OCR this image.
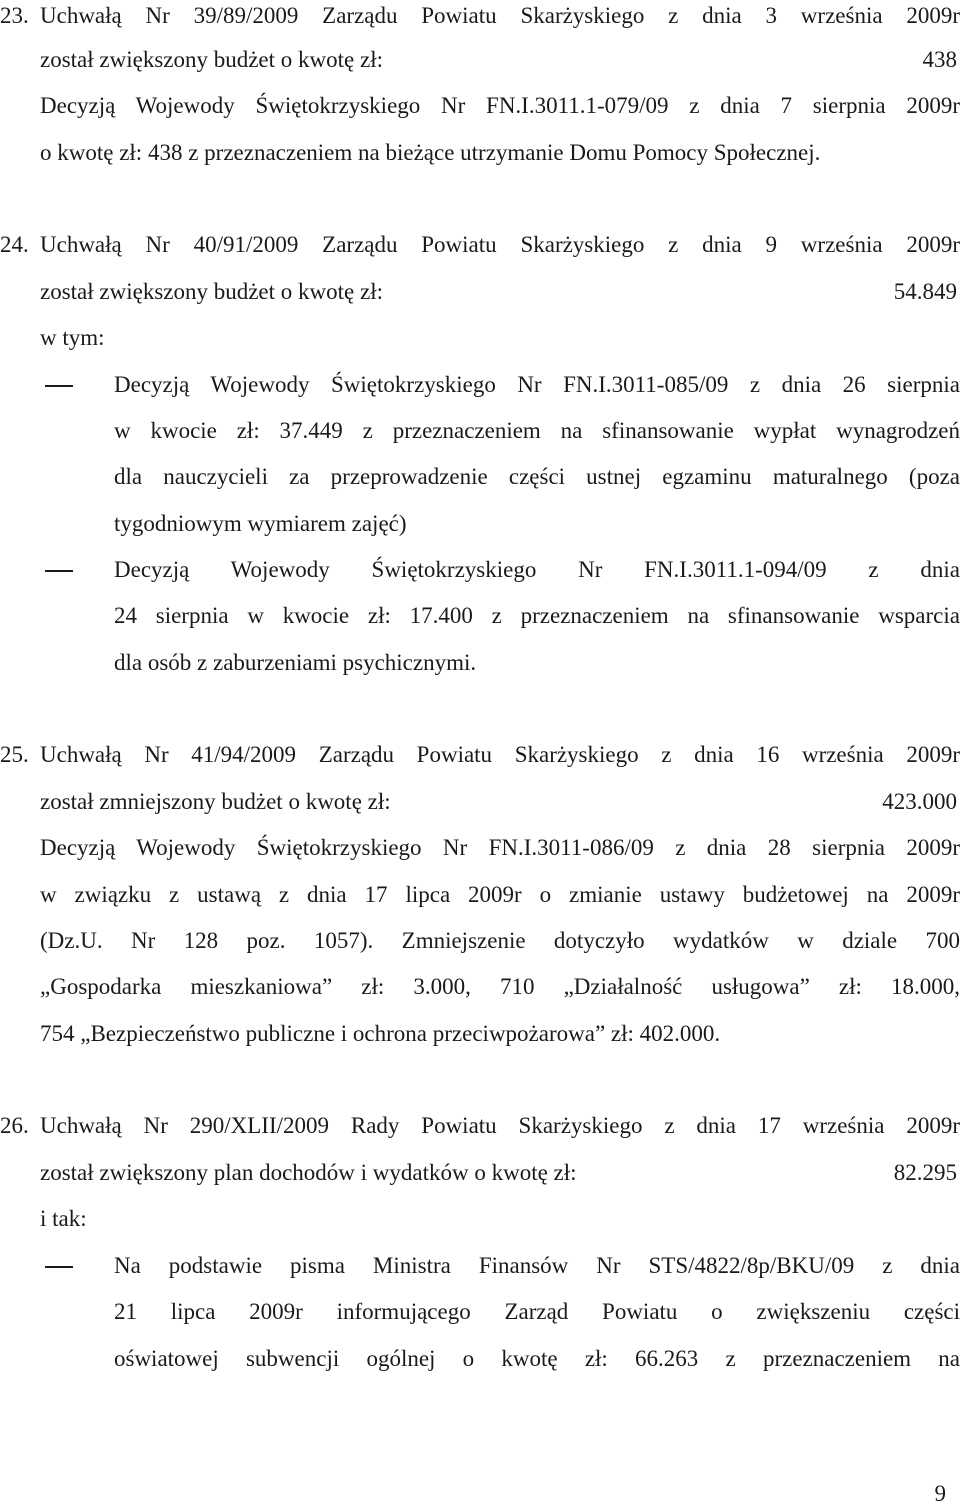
23. Uchwałą Nr 39/89/2009 Zarządu Powiatu Skarżyskiego z dnia 3 września 2009r
został zwiększony budżet o kwotę zł:	438
Decyzją Wojewody Świętokrzyskiego Nr FN.I.3011.1-079/09 z dnia 7 sierpnia 2009r
o kwotę zł: 438 z przeznaczeniem na bieżące utrzymanie Domu Pomocy Społecznej.
24. Uchwałą Nr 40/91/2009 Zarządu Powiatu Skarżyskiego z dnia 9 września 2009r
został zwiększony budżet o kwotę zł:	54.849
w tym:
Decyzją Wojewody Świętokrzyskiego Nr FN.I.3011-085/09 z dnia 26 sierpnia
w kwocie zł: 37.449 z przeznaczeniem na sfinansowanie wypłat wynagrodzeń
dla nauczycieli za przeprowadzenie części ustnej egzaminu maturalnego (poza
tygodniowym wymiarem zajęć)
Decyzją Wojewody Świętokrzyskiego Nr FN.I.3011.1-094/09 z dnia
24 sierpnia w kwocie zł: 17.400 z przeznaczeniem na sfinansowanie wsparcia
dla osób z zaburzeniami psychicznymi.
25. Uchwałą Nr 41/94/2009 Zarządu Powiatu Skarżyskiego z dnia 16 września 2009r
został zmniejszony budżet o kwotę zł:	423.000
Decyzją Wojewody Świętokrzyskiego Nr FN.I.3011-086/09 z dnia 28 sierpnia 2009r
w związku z ustawą z dnia 17 lipca 2009r o zmianie ustawy budżetowej na 2009r
(Dz.U. Nr 128 poz. 1057). Zmniejszenie dotyczyło wydatków w dziale 700
„Gospodarka mieszkaniowa” zł: 3.000, 710 „Działalność usługowa” zł: 18.000,
754 „Bezpieczeństwo publiczne i ochrona przeciwpożarowa” zł: 402.000.
26. Uchwałą Nr 290/XLII/2009 Rady Powiatu Skarżyskiego z dnia 17 września 2009r
został zwiększony plan dochodów i wydatków o kwotę zł:	82.295
i tak:
Na podstawie pisma Ministra Finansów Nr STS/4822/8p/BKU/09 z dnia
21 lipca 2009r informującego Zarząd Powiatu o zwiększeniu części
oświatowej subwencji ogólnej o kwotę zł: 66.263 z przeznaczeniem na
9
